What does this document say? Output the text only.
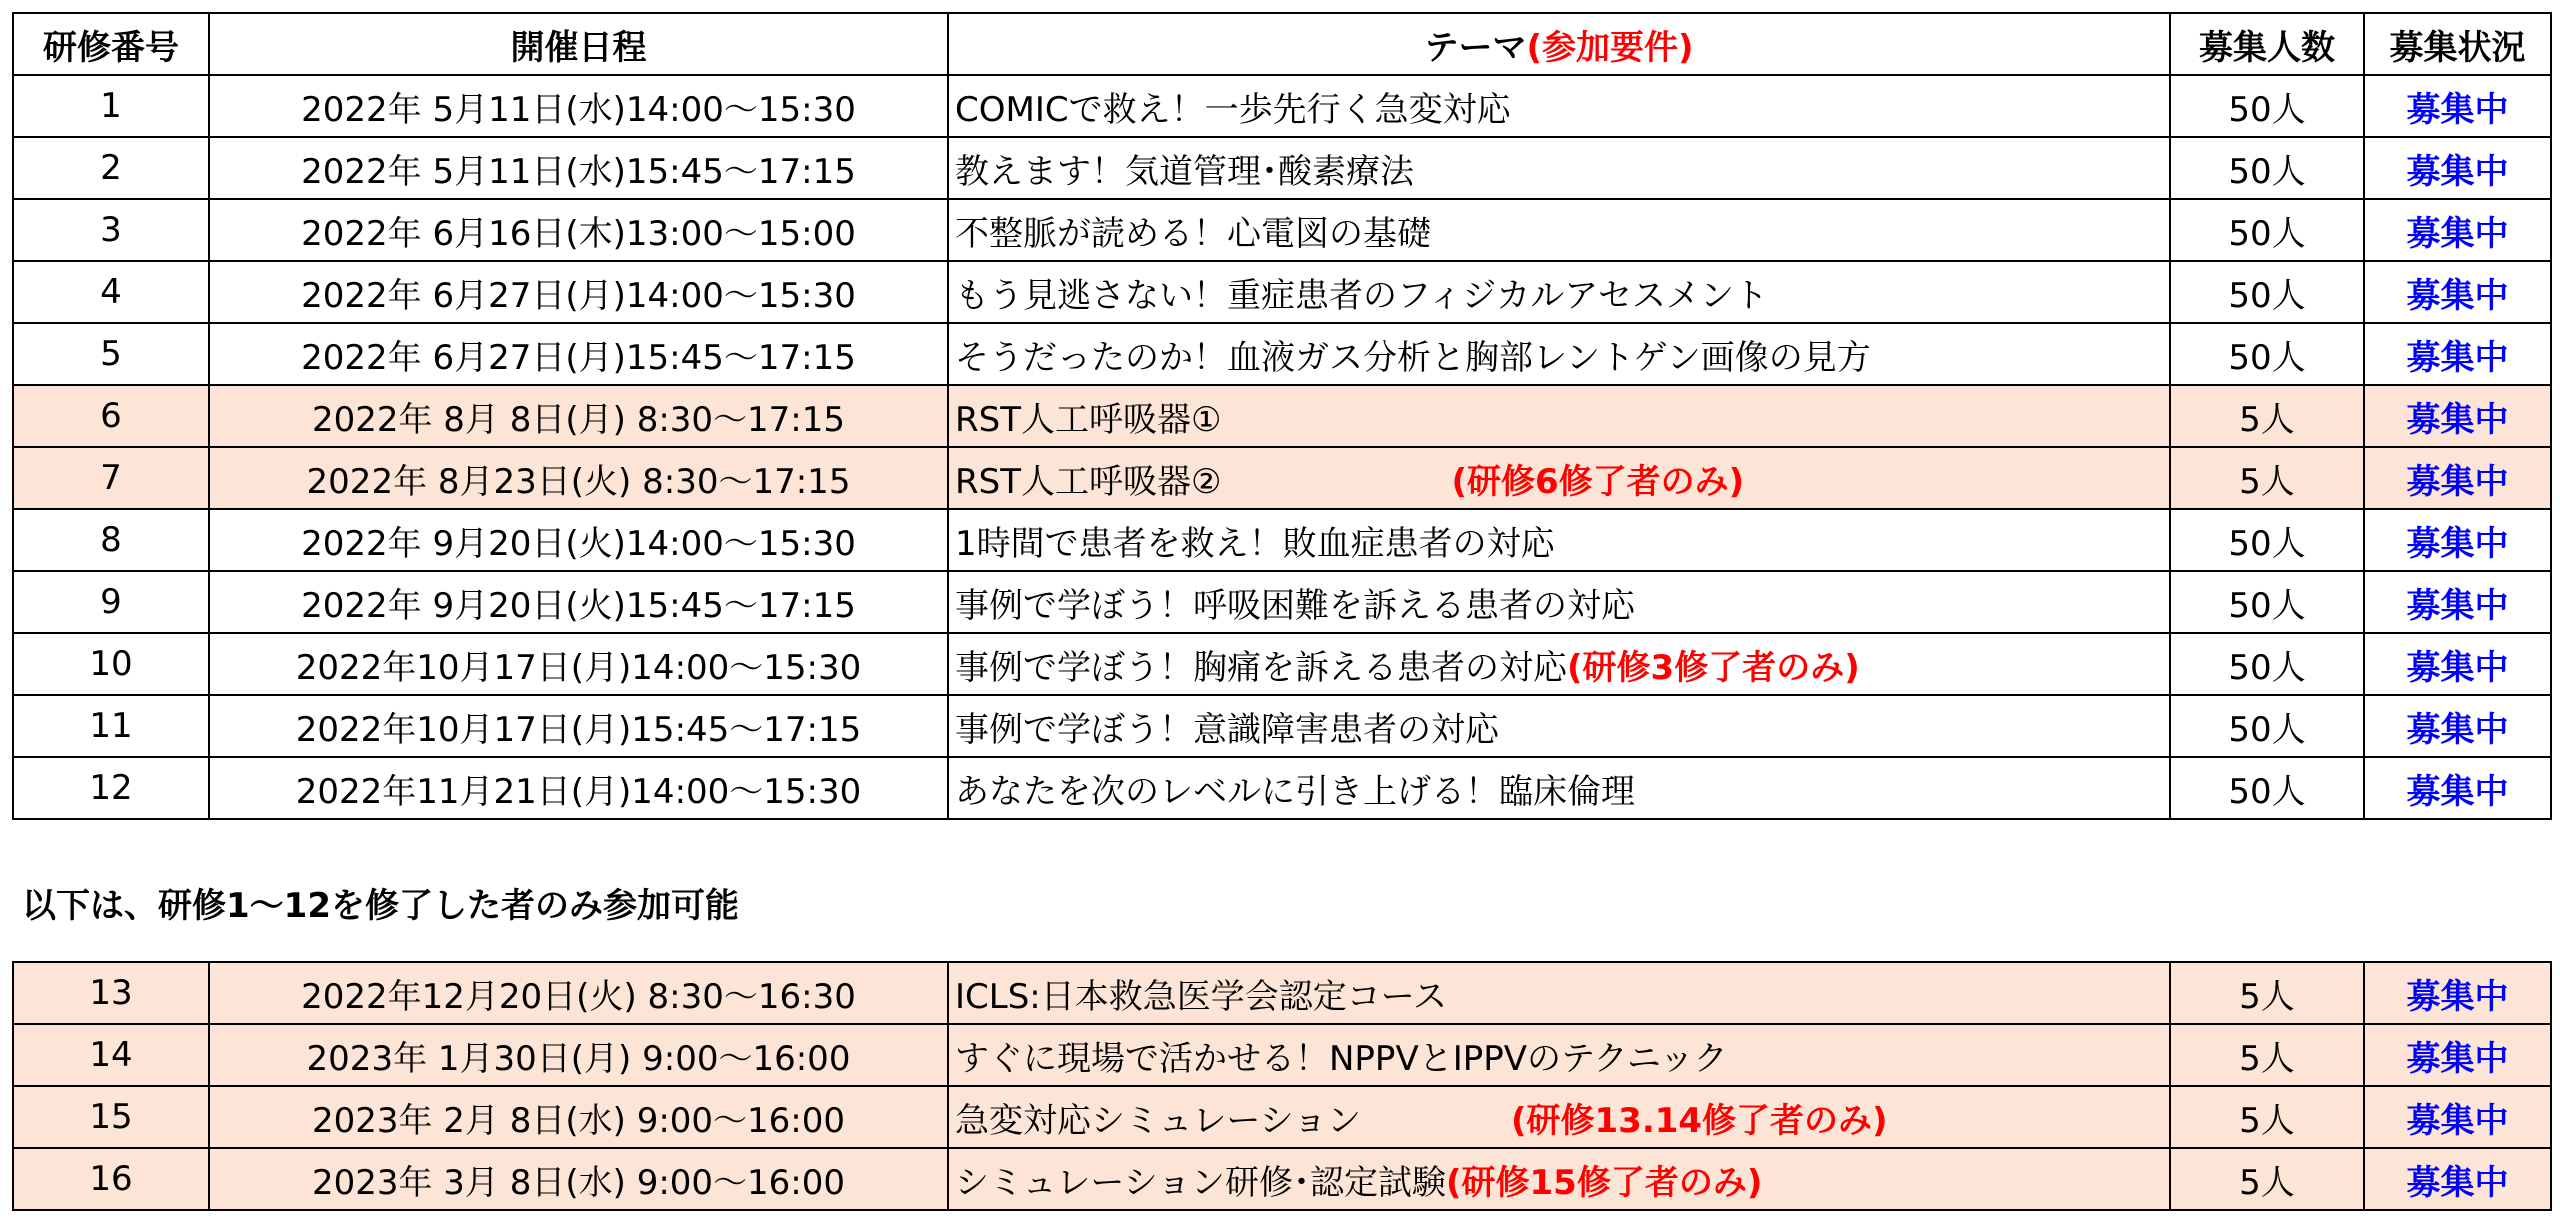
研修番号	開催日程	テーマ(参加要件)	募集人数	募集状況
1	2022年 5月11日(水)14:00～15:30	COMICで救え！一歩先行く急変対応	50人	募集中
2	2022年 5月11日(水)15:45～17:15	教えます！気道管理･酸素療法	50人	募集中
3	2022年 6月16日(木)13:00～15:00	不整脈が読める！心電図の基礎	50人	募集中
4	2022年 6月27日(月)14:00～15:30	もう見逃さない！重症患者のフィジカルアセスメント	50人	募集中
5	2022年 6月27日(月)15:45～17:15	そうだったのか！血液ガス分析と胸部レントゲン画像の見方	50人	募集中
6	2022年 8月 8日(月) 8:30～17:15	RST人工呼吸器①	5人	募集中
7	2022年 8月23日(火) 8:30～17:15	RST人工呼吸器② (研修6修了者のみ)	5人	募集中
8	2022年 9月20日(火)14:00～15:30	1時間で患者を救え！敗血症患者の対応	50人	募集中
9	2022年 9月20日(火)15:45～17:15	事例で学ぼう！呼吸困難を訴える患者の対応	50人	募集中
10	2022年10月17日(月)14:00～15:30	事例で学ぼう！胸痛を訴える患者の対応(研修3修了者のみ)	50人	募集中
11	2022年10月17日(月)15:45～17:15	事例で学ぼう！意識障害患者の対応	50人	募集中
12	2022年11月21日(月)14:00～15:30	あなたを次のレベルに引き上げる！臨床倫理	50人	募集中
以下は、研修1～12を修了した者のみ参加可能
13	2022年12月20日(火) 8:30～16:30	ICLS:日本救急医学会認定コース	5人	募集中
14	2023年 1月30日(月) 9:00～16:00	すぐに現場で活かせる！NPPVとIPPVのテクニック	5人	募集中
15	2023年 2月 8日(水) 9:00～16:00	急変対応シミュレーション (研修13.14修了者のみ)	5人	募集中
16	2023年 3月 8日(水) 9:00～16:00	シミュレーション研修･認定試験(研修15修了者のみ)	5人	募集中
